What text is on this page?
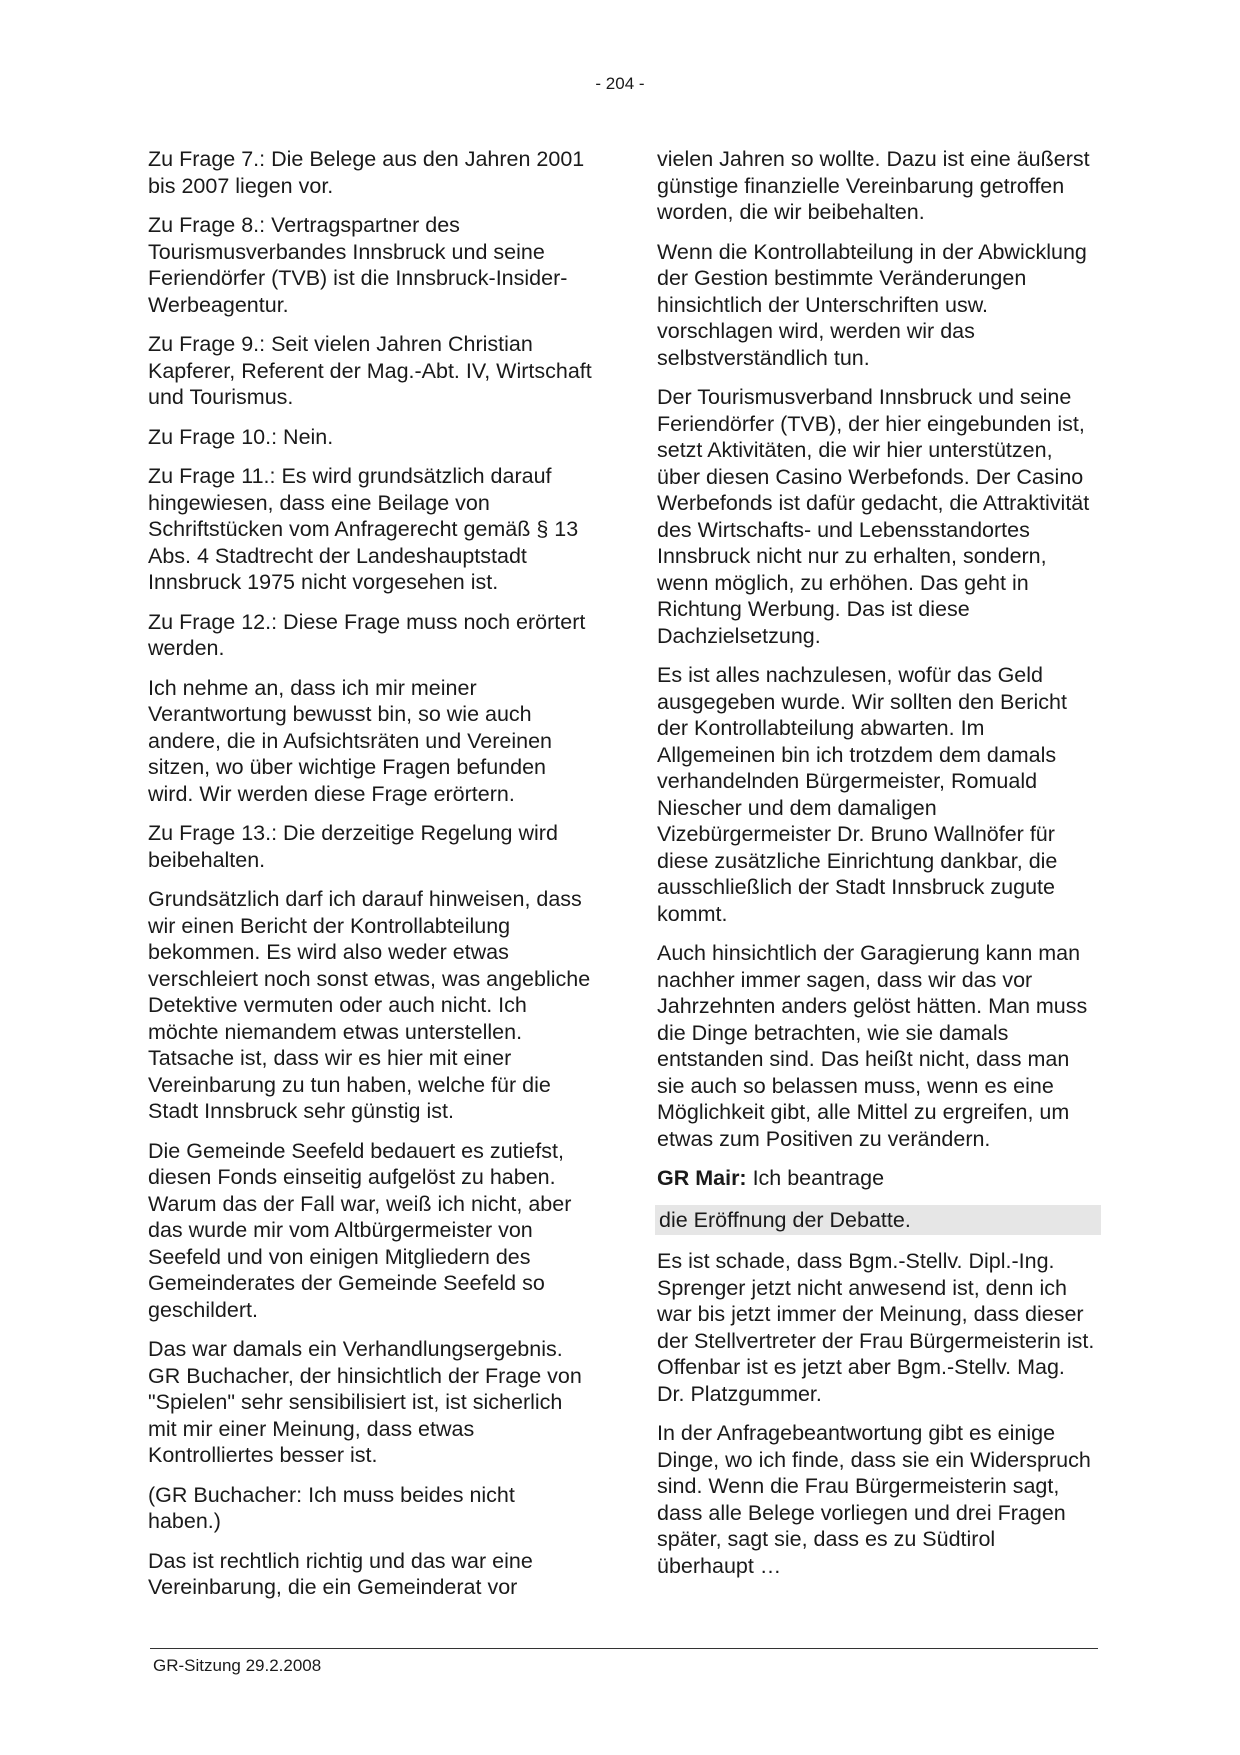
- 204 -

Zu Frage 7.: Die Belege aus den Jahren 2001 bis 2007 liegen vor.

Zu Frage 8.: Vertragspartner des Tourismusverbandes Innsbruck und seine Feriendörfer (TVB) ist die Innsbruck-Insider-Werbeagentur.

Zu Frage 9.: Seit vielen Jahren Christian Kapferer, Referent der Mag.-Abt. IV, Wirtschaft und Tourismus.

Zu Frage 10.: Nein.

Zu Frage 11.: Es wird grundsätzlich darauf hingewiesen, dass eine Beilage von Schriftstücken vom Anfragerecht gemäß § 13 Abs. 4 Stadtrecht der Landeshauptstadt Innsbruck 1975 nicht vorgesehen ist.

Zu Frage 12.: Diese Frage muss noch erörtert werden.

Ich nehme an, dass ich mir meiner Verantwortung bewusst bin, so wie auch andere, die in Aufsichtsräten und Vereinen sitzen, wo über wichtige Fragen befunden wird. Wir werden diese Frage erörtern.

Zu Frage 13.: Die derzeitige Regelung wird beibehalten.

Grundsätzlich darf ich darauf hinweisen, dass wir einen Bericht der Kontrollabteilung bekommen. Es wird also weder etwas verschleiert noch sonst etwas, was angebliche Detektive vermuten oder auch nicht. Ich möchte niemandem etwas unterstellen. Tatsache ist, dass wir es hier mit einer Vereinbarung zu tun haben, welche für die Stadt Innsbruck sehr günstig ist.

Die Gemeinde Seefeld bedauert es zutiefst, diesen Fonds einseitig aufgelöst zu haben. Warum das der Fall war, weiß ich nicht, aber das wurde mir vom Altbürgermeister von Seefeld und von einigen Mitgliedern des Gemeinderates der Gemeinde Seefeld so geschildert.

Das war damals ein Verhandlungsergebnis. GR Buchacher, der hinsichtlich der Frage von "Spielen" sehr sensibilisiert ist, ist sicherlich mit mir einer Meinung, dass etwas Kontrolliertes besser ist.

(GR Buchacher: Ich muss beides nicht haben.)

Das ist rechtlich richtig und das war eine Vereinbarung, die ein Gemeinderat vor

vielen Jahren so wollte. Dazu ist eine äußerst günstige finanzielle Vereinbarung getroffen worden, die wir beibehalten.

Wenn die Kontrollabteilung in der Abwicklung der Gestion bestimmte Veränderungen hinsichtlich der Unterschriften usw. vorschlagen wird, werden wir das selbstverständlich tun.

Der Tourismusverband Innsbruck und seine Feriendörfer (TVB), der hier eingebunden ist, setzt Aktivitäten, die wir hier unterstützen, über diesen Casino Werbefonds. Der Casino Werbefonds ist dafür gedacht, die Attraktivität des Wirtschafts- und Lebensstandortes Innsbruck nicht nur zu erhalten, sondern, wenn möglich, zu erhöhen. Das geht in Richtung Werbung. Das ist diese Dachzielsetzung.

Es ist alles nachzulesen, wofür das Geld ausgegeben wurde. Wir sollten den Bericht der Kontrollabteilung abwarten. Im Allgemeinen bin ich trotzdem dem damals verhandelnden Bürgermeister, Romuald Niescher und dem damaligen Vizebürgermeister Dr. Bruno Wallnöfer für diese zusätzliche Einrichtung dankbar, die ausschließlich der Stadt Innsbruck zugute kommt.

Auch hinsichtlich der Garagierung kann man nachher immer sagen, dass wir das vor Jahrzehnten anders gelöst hätten. Man muss die Dinge betrachten, wie sie damals entstanden sind. Das heißt nicht, dass man sie auch so belassen muss, wenn es eine Möglichkeit gibt, alle Mittel zu ergreifen, um etwas zum Positiven zu verändern.

GR Mair: Ich beantrage

die Eröffnung der Debatte.

Es ist schade, dass Bgm.-Stellv. Dipl.-Ing. Sprenger jetzt nicht anwesend ist, denn ich war bis jetzt immer der Meinung, dass dieser der Stellvertreter der Frau Bürgermeisterin ist. Offenbar ist es jetzt aber Bgm.-Stellv. Mag. Dr. Platzgummer.

In der Anfragebeantwortung gibt es einige Dinge, wo ich finde, dass sie ein Widerspruch sind. Wenn die Frau Bürgermeisterin sagt, dass alle Belege vorliegen und drei Fragen später, sagt sie, dass es zu Südtirol überhaupt …

GR-Sitzung 29.2.2008
